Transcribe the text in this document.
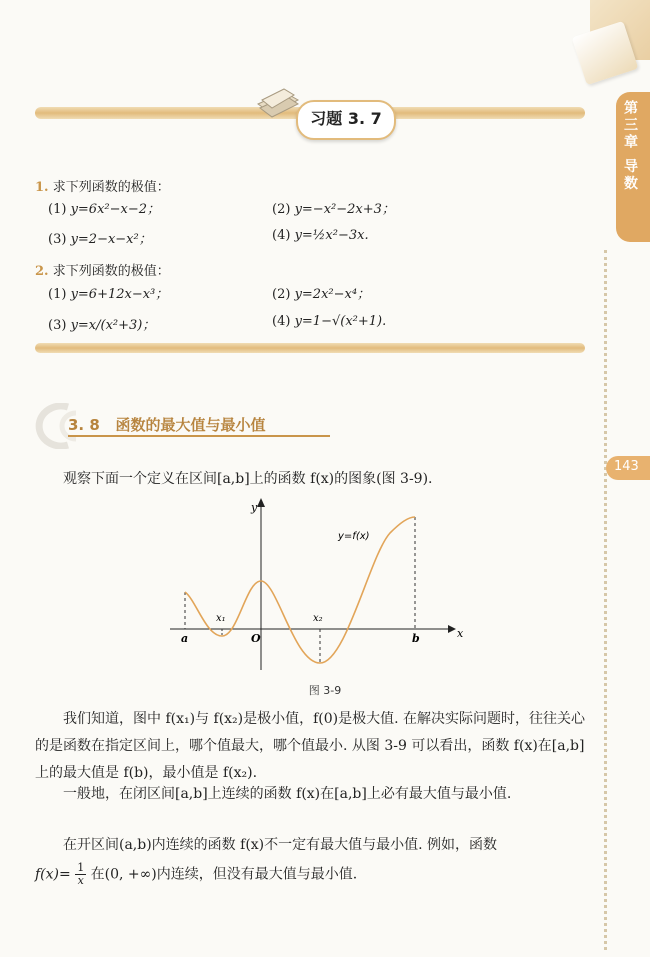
第三章 导数
143
习题 3. 7
1. 求下列函数的极值：
(1) y=6x²−x−2；	(2) y=−x²−2x+3；
(3) y=2−x−x²；	(4) y=½x²−3x.
2. 求下列函数的极值：
(1) y=6+12x−x³；	(2) y=2x²−x⁴；
(3) y=x/(x²+3)；	(4) y=1−√(x²+1).
3. 8 函数的最大值与最小值
观察下面一个定义在区间[a,b]上的函数 f(x)的图象(图 3-9).
y=f(x)
x
y
a
x₁
O
x₂
b
图 3-9
我们知道，图中 f(x₁)与 f(x₂)是极小值，f(0)是极大值. 在解决实际问题时，往往关心的是函数在指定区间上，哪个值最大，哪个值最小. 从图 3-9 可以看出，函数 f(x)在[a,b]上的最大值是 f(b)，最小值是 f(x₂).
一般地，在闭区间[a,b]上连续的函数 f(x)在[a,b]上必有最大值与最小值.
在开区间(a,b)内连续的函数 f(x)不一定有最大值与最小值. 例如，函数
$f(x)= \frac{1}{x}$ 在(0, +∞)内连续，但没有最大值与最小值.
